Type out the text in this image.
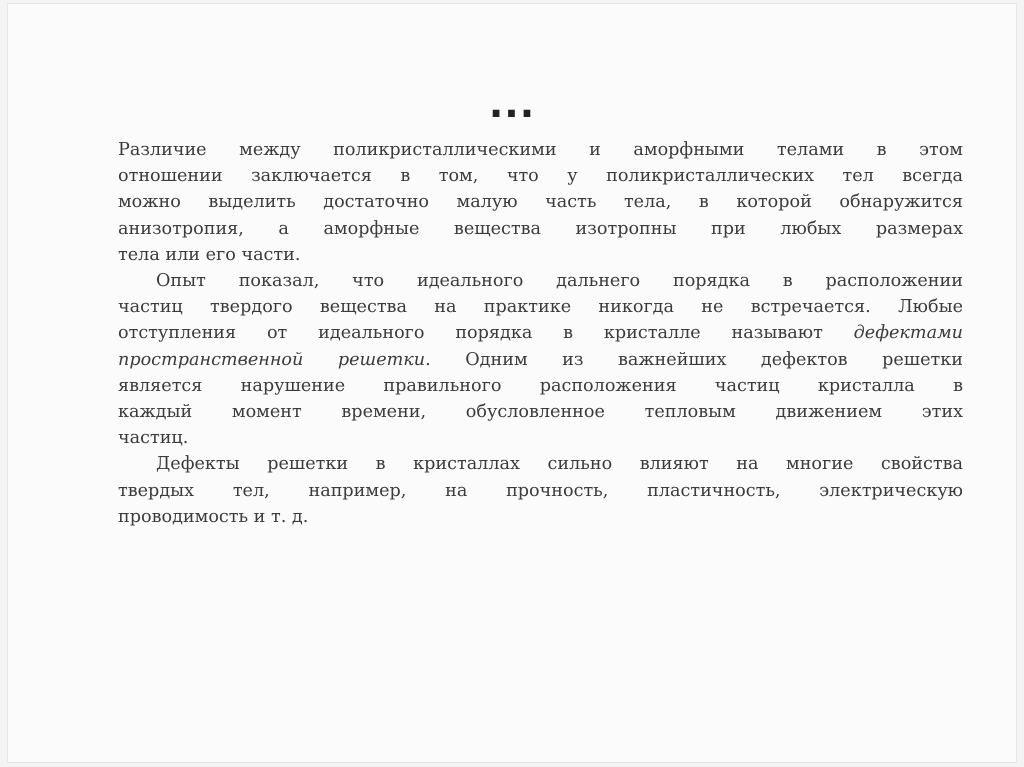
...
Различие между поликристаллическими и аморфными телами в этом
отношении заключается в том, что у поликристаллических тел всегда
можно выделить достаточно малую часть тела, в которой обнаружится
анизотропия, а аморфные вещества изотропны при любых размерах
тела или его части.
Опыт показал, что идеального дальнего порядка в расположении
частиц твердого вещества на практике никогда не встречается. Любые
отступления от идеального порядка в кристалле называют дефектами
пространственной решетки. Одним из важнейших дефектов решетки
является нарушение правильного расположения частиц кристалла в
каждый момент времени, обусловленное тепловым движением этих
частиц.
Дефекты решетки в кристаллах сильно влияют на многие свойства
твердых тел, например, на прочность, пластичность, электрическую
проводимость и т. д.
